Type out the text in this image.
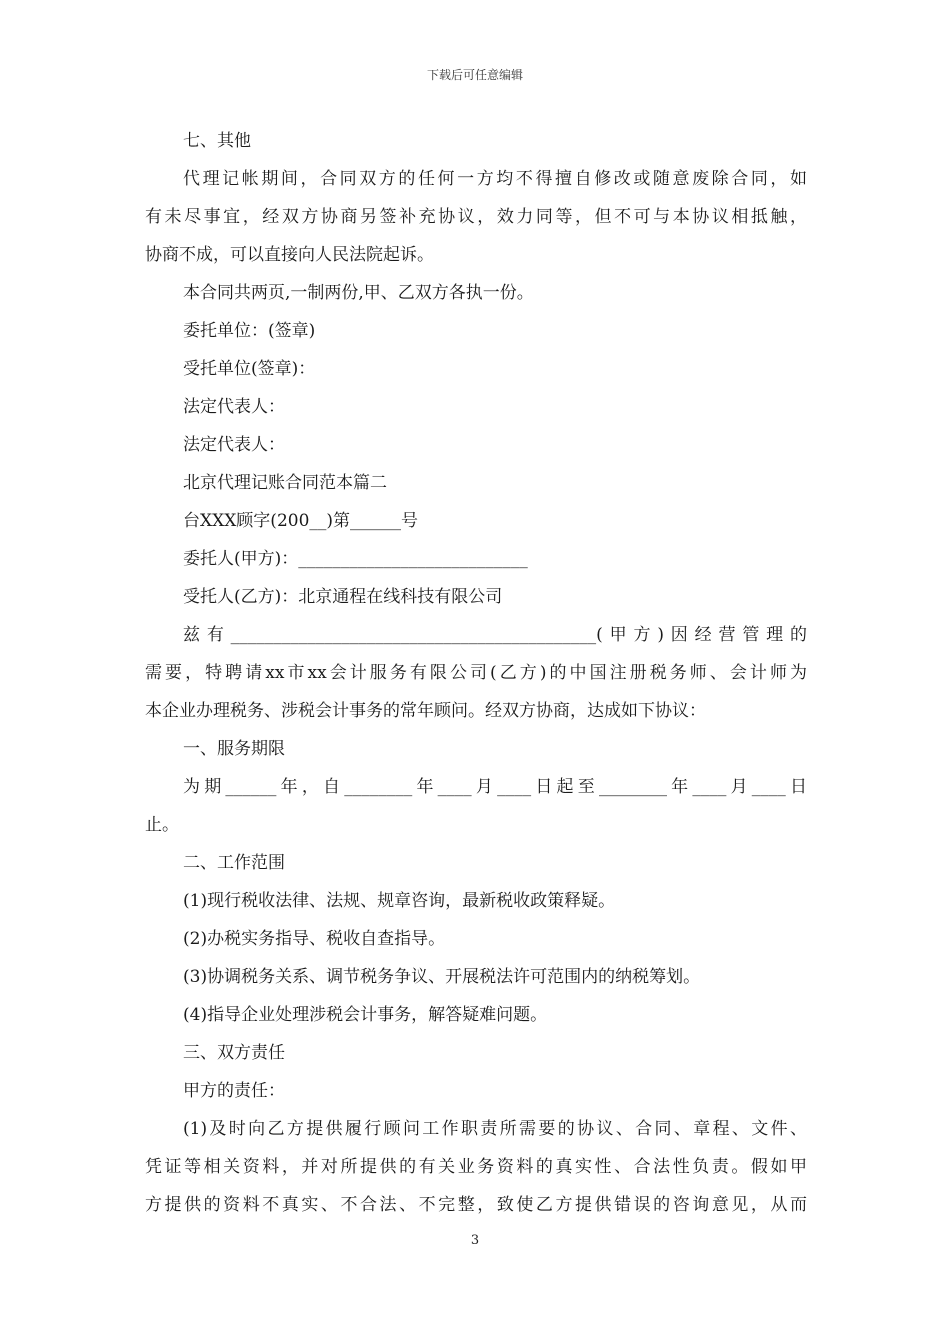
下载后可任意编辑
七、其他
代理记帐期间，合同双方的任何一方均不得擅自修改或随意废除合同，如
有未尽事宜，经双方协商另签补充协议，效力同等，但不可与本协议相抵触，
协商不成，可以直接向人民法院起诉。
本合同共两页,一制两份,甲、乙双方各执一份。
委托单位：(签章)
受托单位(签章)：
法定代表人：
法定代表人：
北京代理记账合同范本篇二
台XXX顾字(200__)第______号
委托人(甲方)：___________________________
受托人(乙方)：北京通程在线科技有限公司
兹有___________________________________________(甲方)因经营管理的
需要，特聘请xx市xx会计服务有限公司(乙方)的中国注册税务师、会计师为
本企业办理税务、涉税会计事务的常年顾问。经双方协商，达成如下协议：
一、服务期限
为期______年，自________年____月____日起至________年____月____日
止。
二、工作范围
(1)现行税收法律、法规、规章咨询，最新税收政策释疑。
(2)办税实务指导、税收自查指导。
(3)协调税务关系、调节税务争议、开展税法许可范围内的纳税筹划。
(4)指导企业处理涉税会计事务，解答疑难问题。
三、双方责任
甲方的责任：
(1)及时向乙方提供履行顾问工作职责所需要的协议、合同、章程、文件、
凭证等相关资料，并对所提供的有关业务资料的真实性、合法性负责。假如甲
方提供的资料不真实、不合法、不完整，致使乙方提供错误的咨询意见，从而
3
